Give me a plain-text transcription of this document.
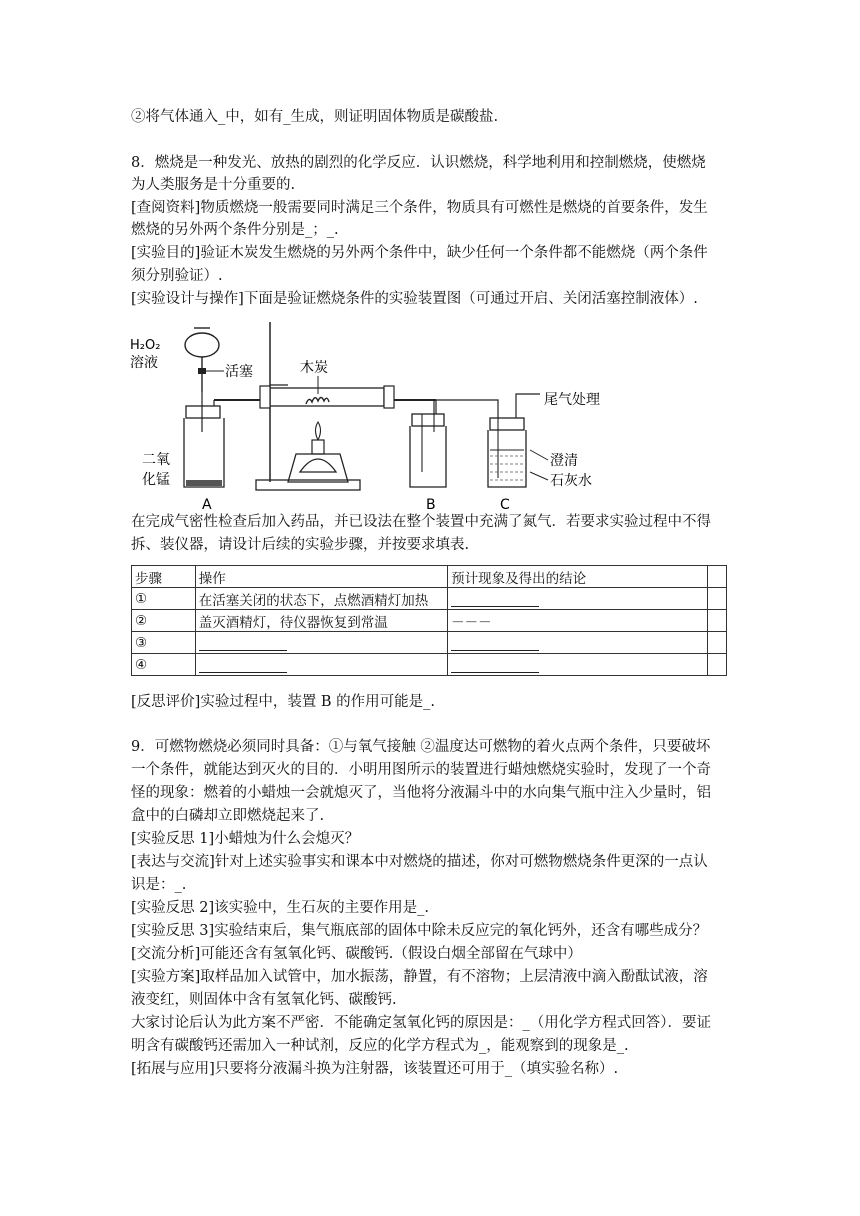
②将气体通入_中，如有_生成，则证明固体物质是碳酸盐.
8．燃烧是一种发光、放热的剧烈的化学反应．认识燃烧，科学地利用和控制燃烧，使燃烧
为人类服务是十分重要的.
[查阅资料]物质燃烧一般需要同时满足三个条件，物质具有可燃性是燃烧的首要条件，发生
燃烧的另外两个条件分别是_；_.
[实验目的]验证木炭发生燃烧的另外两个条件中，缺少任何一个条件都不能燃烧（两个条件
须分别验证）.
[实验设计与操作]下面是验证燃烧条件的实验装置图（可通过开启、关闭活塞控制液体）.
H₂O₂
溶液
活塞
二氧
化锰
A
木炭
B
尾气处理
澄清
石灰水
C
在完成气密性检查后加入药品，并已设法在整个装置中充满了氮气．若要求实验过程中不得
拆、装仪器，请设计后续的实验步骤，并按要求填表.
步骤	操作	预计现象及得出的结论	
①	在活塞关闭的状态下，点燃酒精灯加热		
②	盖灭酒精灯，待仪器恢复到常温	－－－	
③			
④			
[反思评价]实验过程中，装置 B 的作用可能是_.
9．可燃物燃烧必须同时具备：①与氧气接触 ②温度达可燃物的着火点两个条件，只要破坏
一个条件，就能达到灭火的目的．小明用图所示的装置进行蜡烛燃烧实验时，发现了一个奇
怪的现象：燃着的小蜡烛一会就熄灭了，当他将分液漏斗中的水向集气瓶中注入少量时，铝
盒中的白磷却立即燃烧起来了.
[实验反思 1]小蜡烛为什么会熄灭？
[表达与交流]针对上述实验事实和课本中对燃烧的描述，你对可燃物燃烧条件更深的一点认
识是：_.
[实验反思 2]该实验中，生石灰的主要作用是_.
[实验反思 3]实验结束后，集气瓶底部的固体中除未反应完的氧化钙外，还含有哪些成分？
[交流分析]可能还含有氢氧化钙、碳酸钙.（假设白烟全部留在气球中）
[实验方案]取样品加入试管中，加水振荡，静置，有不溶物；上层清液中滴入酚酞试液，溶
液变红，则固体中含有氢氧化钙、碳酸钙.
大家讨论后认为此方案不严密．不能确定氢氧化钙的原因是：_（用化学方程式回答）．要证
明含有碳酸钙还需加入一种试剂，反应的化学方程式为_，能观察到的现象是_.
[拓展与应用]只要将分液漏斗换为注射器，该装置还可用于_（填实验名称）.
